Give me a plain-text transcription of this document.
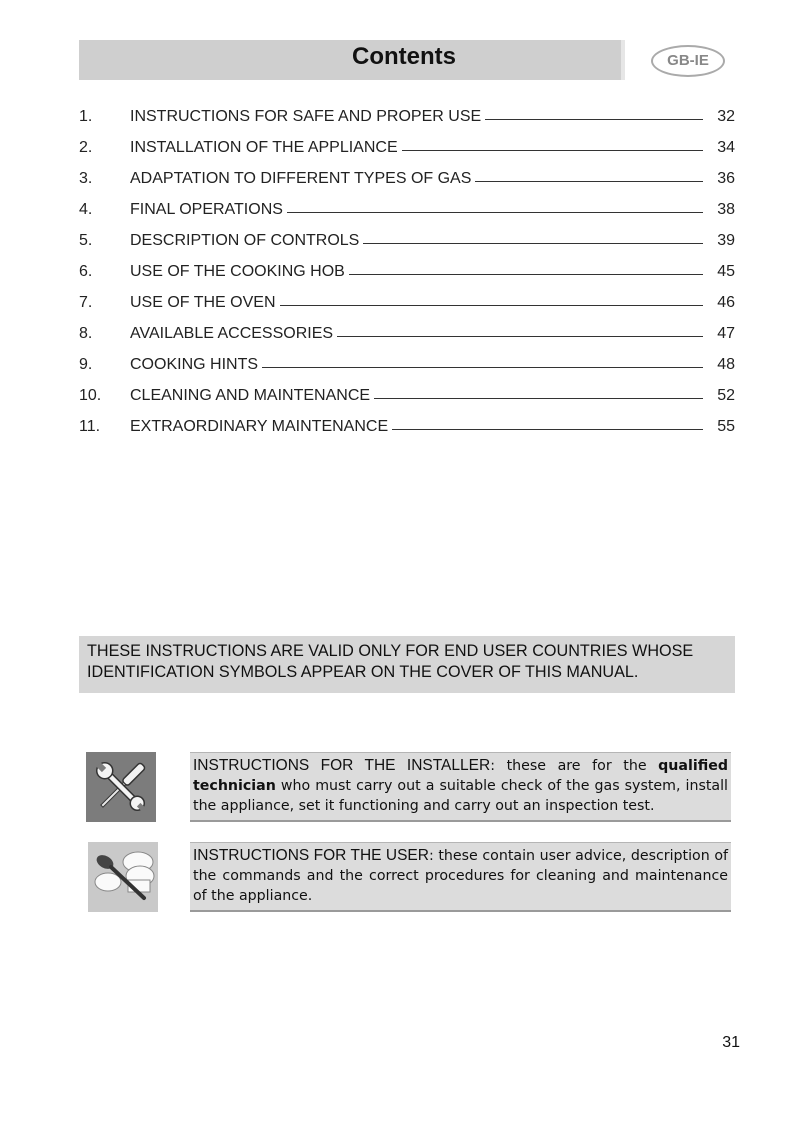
Contents	GB-IE
1.	INSTRUCTIONS FOR SAFE AND PROPER USE	32
2.	INSTALLATION OF THE APPLIANCE	34
3.	ADAPTATION TO DIFFERENT TYPES OF GAS	36
4.	FINAL OPERATIONS	38
5.	DESCRIPTION OF CONTROLS	39
6.	USE OF THE COOKING HOB	45
7.	USE OF THE OVEN	46
8.	AVAILABLE ACCESSORIES	47
9.	COOKING HINTS	48
10.	CLEANING AND MAINTENANCE	52
11.	EXTRAORDINARY MAINTENANCE	55
THESE INSTRUCTIONS ARE VALID ONLY FOR END USER COUNTRIES WHOSE IDENTIFICATION SYMBOLS APPEAR ON THE COVER OF THIS MANUAL.
INSTRUCTIONS FOR THE INSTALLER: these are for the qualified technician who must carry out a suitable check of the gas system, install the appliance, set it functioning and carry out an inspection test.
INSTRUCTIONS FOR THE USER: these contain user advice, description of the commands and the correct procedures for cleaning and maintenance of the appliance.
31
